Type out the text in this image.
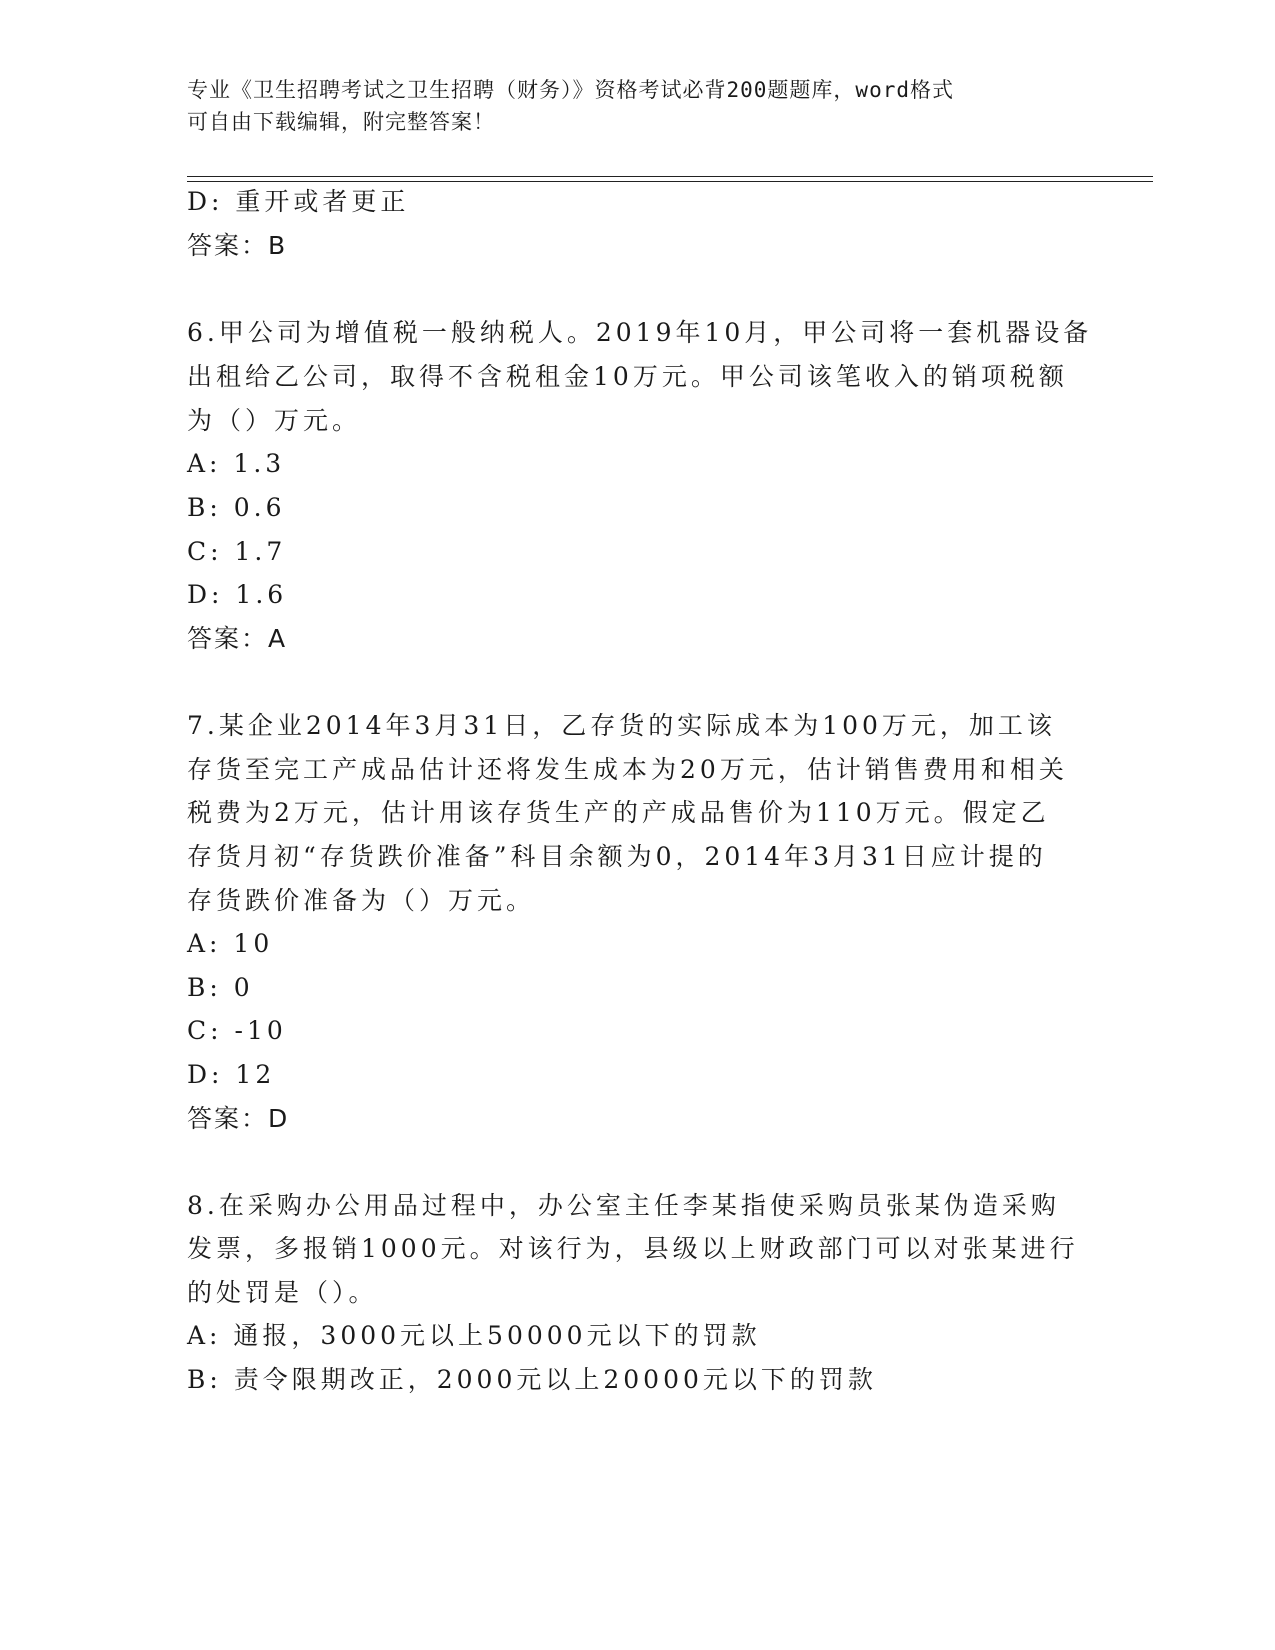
专业《卫生招聘考试之卫生招聘（财务）》资格考试必背200题题库，word格式
可自由下载编辑，附完整答案！
D: 重开或者更正
答案：B
6.甲公司为增值税一般纳税人。2019年10月，甲公司将一套机器设备
出租给乙公司，取得不含税租金10万元。甲公司该笔收入的销项税额
为（）万元。
A: 1.3
B: 0.6
C: 1.7
D: 1.6
答案：A
7.某企业2014年3月31日，乙存货的实际成本为100万元，加工该
存货至完工产成品估计还将发生成本为20万元，估计销售费用和相关
税费为2万元，估计用该存货生产的产成品售价为110万元。假定乙
存货月初“存货跌价准备”科目余额为0，2014年3月31日应计提的
存货跌价准备为（）万元。
A: 10
B: 0
C: -10
D: 12
答案：D
8.在采购办公用品过程中，办公室主任李某指使采购员张某伪造采购
发票，多报销1000元。对该行为，县级以上财政部门可以对张某进行
的处罚是（）。
A: 通报，3000元以上50000元以下的罚款
B: 责令限期改正，2000元以上20000元以下的罚款
